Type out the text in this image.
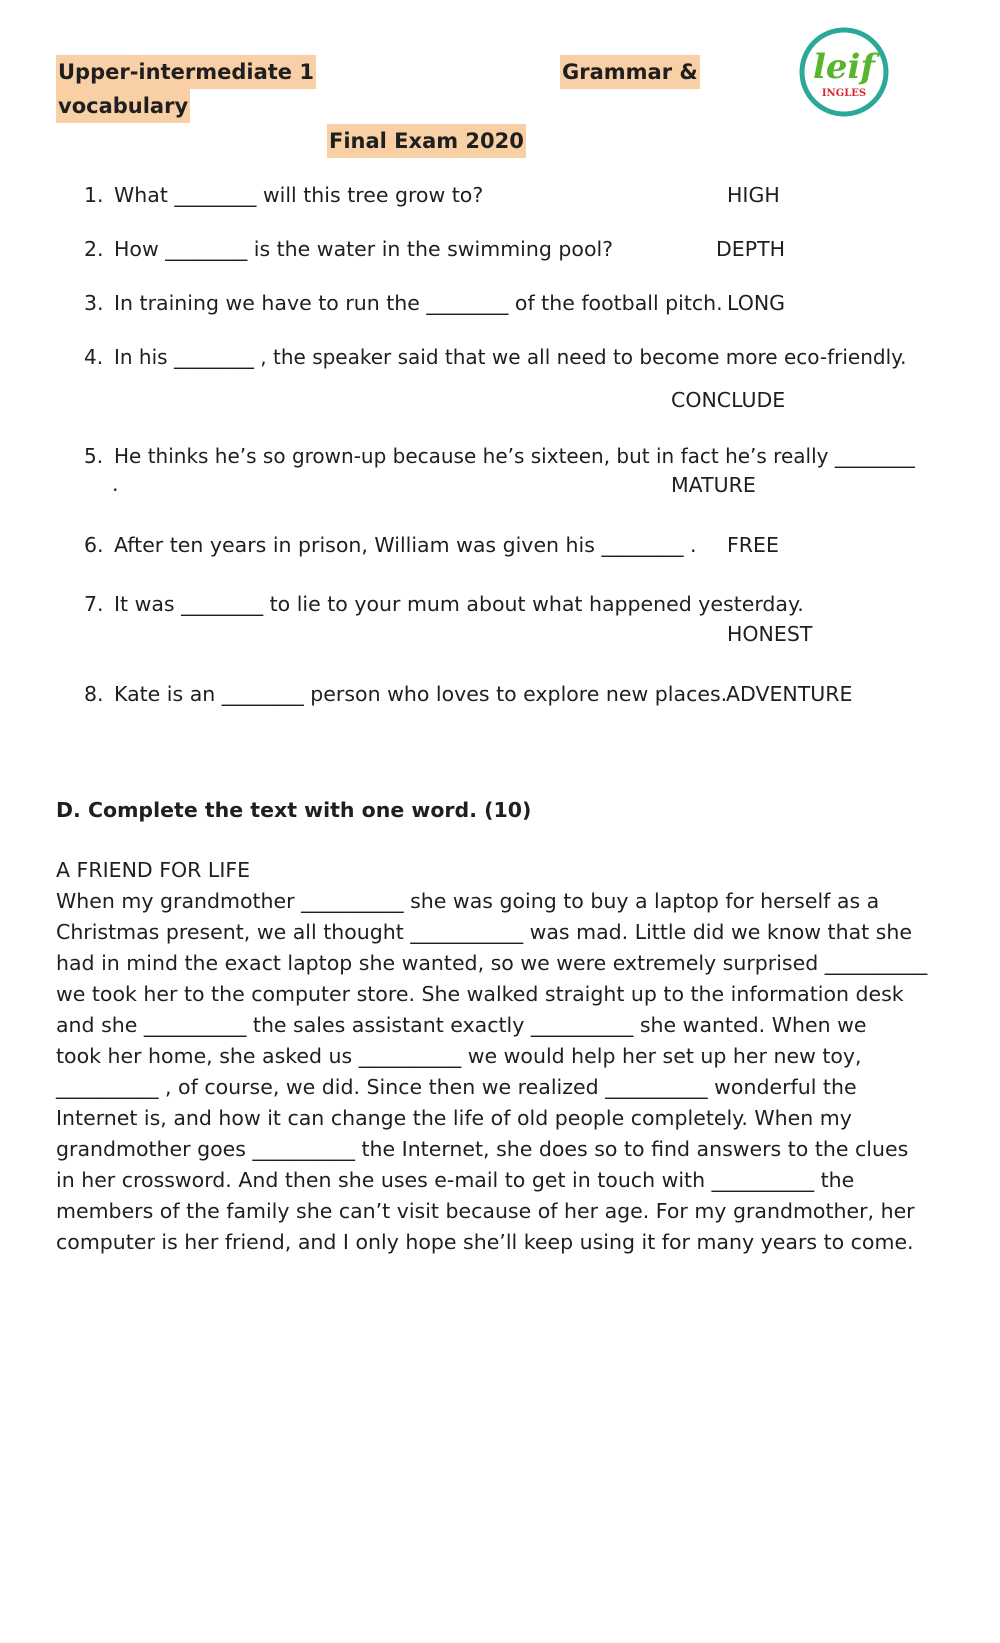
Upper-intermediate 1	Grammar &
vocabulary
Final Exam 2020
leif
INGLES
1. What ________ will this tree grow to?	HIGH
2. How ________ is the water in the swimming pool?	DEPTH
3. In training we have to run the ________ of the football pitch. LONG
4. In his ________ , the speaker said that we all need to become more eco-friendly.
CONCLUDE
5. He thinks he’s so grown-up because he’s sixteen, but in fact he’s really ________
.	MATURE
6. After ten years in prison, William was given his ________ . FREE
7. It was ________ to lie to your mum about what happened yesterday.
HONEST
8. Kate is an ________ person who loves to explore new places.
ADVENTURE
D. Complete the text with one word. (10)
A FRIEND FOR LIFE
When my grandmother __________ she was going to buy a laptop for herself as a
Christmas present, we all thought ___________ was mad. Little did we know that she
had in mind the exact laptop she wanted, so we were extremely surprised __________
we took her to the computer store. She walked straight up to the information desk
and she __________ the sales assistant exactly __________ she wanted. When we
took her home, she asked us __________ we would help her set up her new toy,
__________ , of course, we did. Since then we realized __________ wonderful the
Internet is, and how it can change the life of old people completely. When my
grandmother goes __________ the Internet, she does so to find answers to the clues
in her crossword. And then she uses e-mail to get in touch with __________ the
members of the family she can’t visit because of her age. For my grandmother, her
computer is her friend, and I only hope she’ll keep using it for many years to come.
